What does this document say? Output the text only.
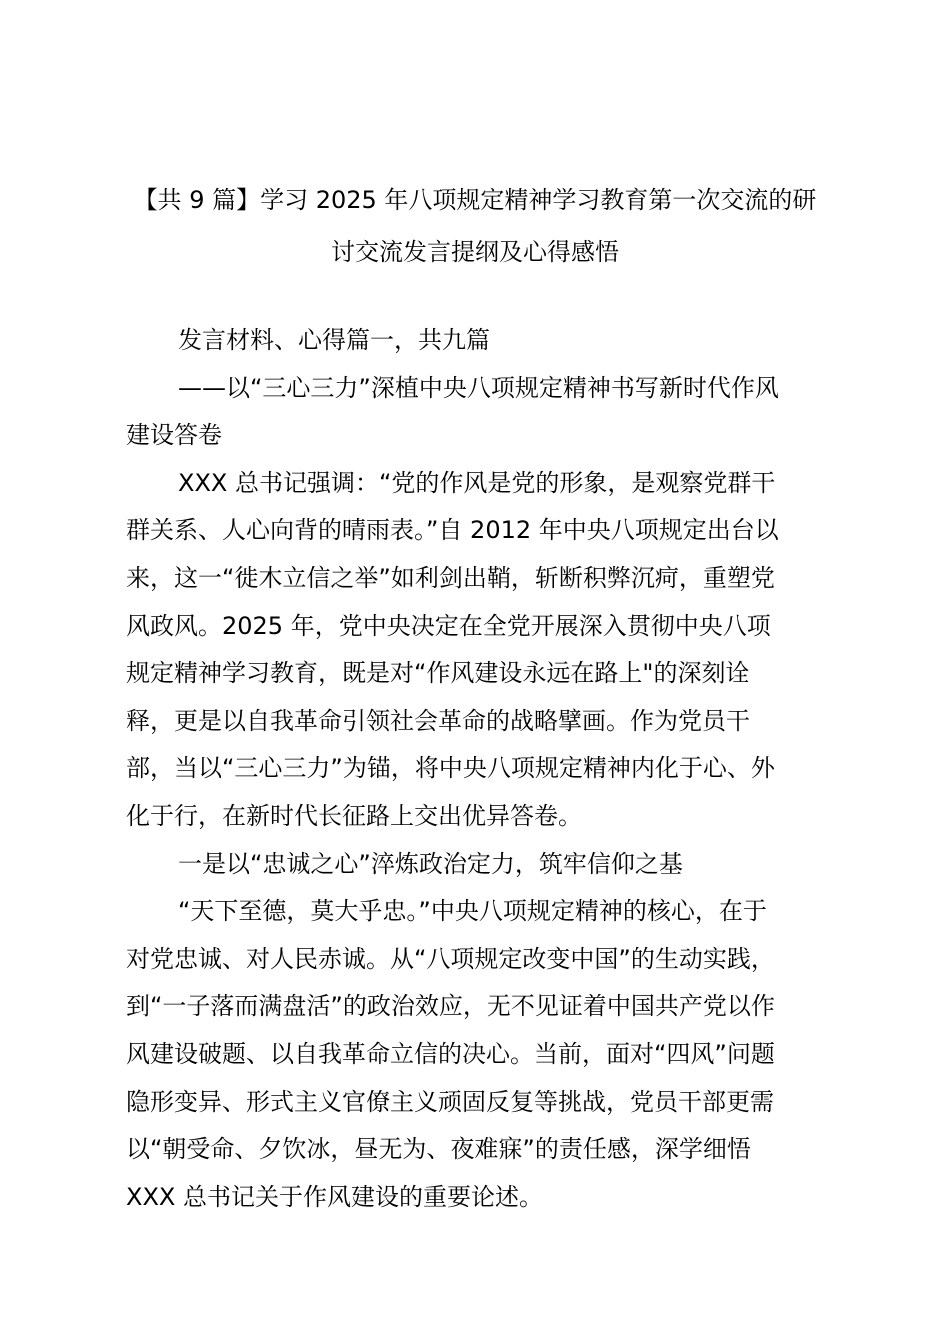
【共 9 篇】学习 2025 年八项规定精神学习教育第一次交流的研
讨交流发言提纲及心得感悟
发言材料、心得篇一，共九篇
——以“三心三力”深植中央八项规定精神书写新时代作风
建设答卷
XXX 总书记强调：“党的作风是党的形象，是观察党群干
群关系、人心向背的晴雨表。”自 2012 年中央八项规定出台以
来，这一“徙木立信之举”如利剑出鞘，斩断积弊沉疴，重塑党
风政风。2025 年，党中央决定在全党开展深入贯彻中央八项
规定精神学习教育，既是对“作风建设永远在路上"的深刻诠
释，更是以自我革命引领社会革命的战略擘画。作为党员干
部，当以“三心三力”为锚，将中央八项规定精神内化于心、外
化于行，在新时代长征路上交出优异答卷。
一是以“忠诚之心”淬炼政治定力，筑牢信仰之基
“天下至德，莫大乎忠。”中央八项规定精神的核心，在于
对党忠诚、对人民赤诚。从“八项规定改变中国”的生动实践，
到“一子落而满盘活”的政治效应，无不见证着中国共产党以作
风建设破题、以自我革命立信的决心。当前，面对“四风”问题
隐形变异、形式主义官僚主义顽固反复等挑战，党员干部更需
以“朝受命、夕饮冰，昼无为、夜难寐”的责任感，深学细悟
XXX 总书记关于作风建设的重要论述。
